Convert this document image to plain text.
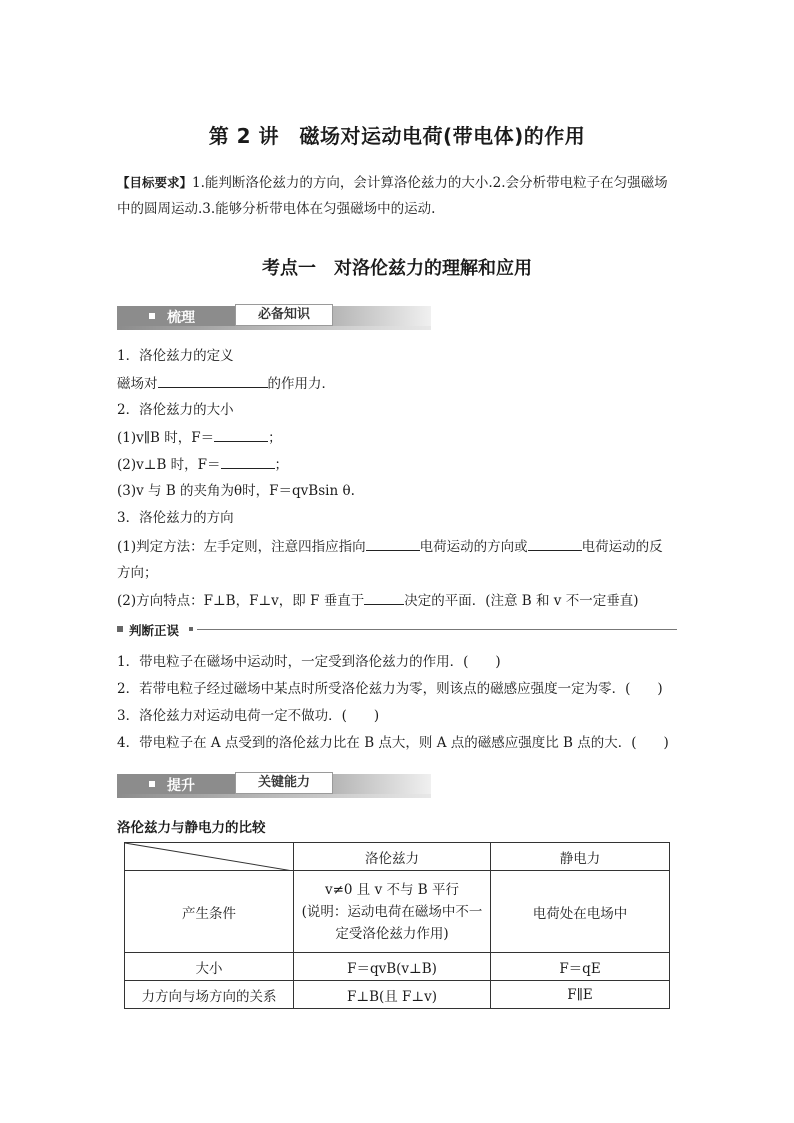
第 2 讲　磁场对运动电荷(带电体)的作用
【目标要求】1.能判断洛伦兹力的方向，会计算洛伦兹力的大小.2.会分析带电粒子在匀强磁场
中的圆周运动.3.能够分析带电体在匀强磁场中的运动.
考点一　对洛伦兹力的理解和应用
梳理	必备知识
1．洛伦兹力的定义
磁场对	的作用力．
2．洛伦兹力的大小
(1)v∥B 时，F＝	；
(2)v⊥B 时，F＝	；
(3)v 与 B 的夹角为θ时，F＝qvBsin θ.
3．洛伦兹力的方向
(1)判定方法：左手定则，注意四指应指向	电荷运动的方向或	电荷运动的反
方向；
(2)方向特点：F⊥B，F⊥v，即 F 垂直于	决定的平面．(注意 B 和 v 不一定垂直)
判断正误
1．带电粒子在磁场中运动时，一定受到洛伦兹力的作用．(　　)
2．若带电粒子经过磁场中某点时所受洛伦兹力为零，则该点的磁感应强度一定为零．(　　)
3．洛伦兹力对运动电荷一定不做功．(　　)
4．带电粒子在 A 点受到的洛伦兹力比在 B 点大，则 A 点的磁感应强度比 B 点的大．(　　)
提升	关键能力
洛伦兹力与静电力的比较
	洛伦兹力	静电力
产生条件	v≠0 且 v 不与 B 平行
(说明：运动电荷在磁场中不一
定受洛伦兹力作用)	电荷处在电场中
大小	F＝qvB(v⊥B)	F＝qE
力方向与场方向的关系	F⊥B(且 F⊥v)	F∥E
